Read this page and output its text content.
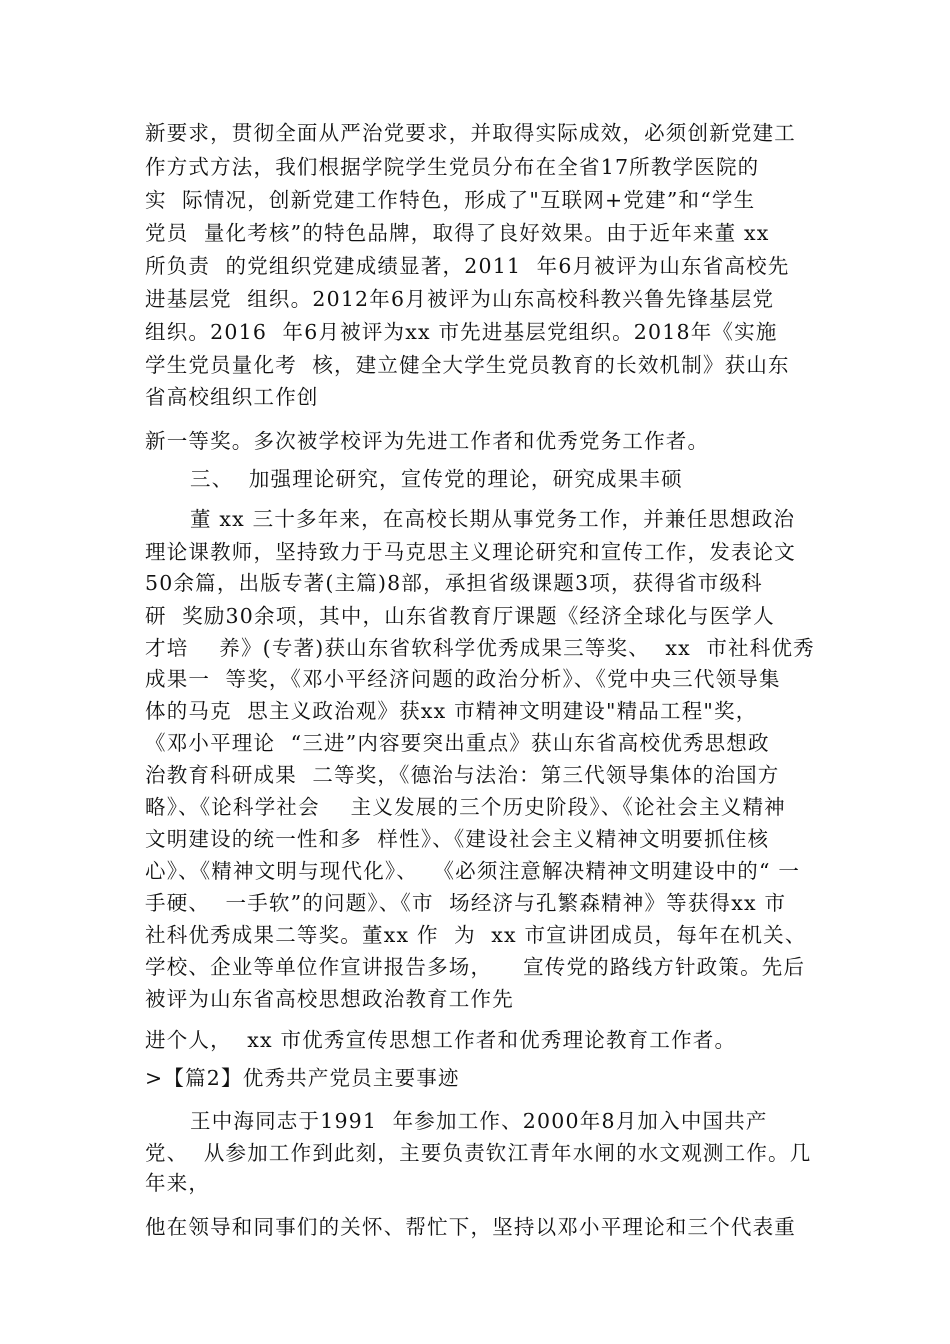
新要求，贯彻全面从严治党要求，并取得实际成效，必须创新党建工
作方式方法，我们根据学院学生党员分布在全省17所教学医院的
实  际情况，创新党建工作特色，形成了"互联网+党建”和“学生
党员  量化考核”的特色品牌，取得了良好效果。由于近年来董 xx
所负责  的党组织党建成绩显著，2011  年6月被评为山东省高校先
进基层党  组织。2012年6月被评为山东高校科教兴鲁先锋基层党
组织。2016  年6月被评为xx 市先进基层党组织。2018年《实施
学生党员量化考  核，建立健全大学生党员教育的长效机制》获山东
省高校组织工作创
新一等奖。多次被学校评为先进工作者和优秀党务工作者。
三、  加强理论研究，宣传党的理论，研究成果丰硕
董 xx 三十多年来，在高校长期从事党务工作，并兼任思想政治
理论课教师，坚持致力于马克思主义理论研究和宣传工作，发表论文
50余篇，出版专著(主篇)8部，承担省级课题3项，获得省市级科
研  奖励30余项，其中，山东省教育厅课题《经济全球化与医学人
才培    养》(专著)获山东省软科学优秀成果三等奖、  xx  市社科优秀
成果一  等奖，《邓小平经济问题的政治分析》、《党中央三代领导集
体的马克  思主义政治观》获xx 市精神文明建设"精品工程"奖，
《邓小平理论  “三进”内容要突出重点》获山东省高校优秀思想政
治教育科研成果  二等奖，《德治与法治：第三代领导集体的治国方
略》、《论科学社会    主义发展的三个历史阶段》、《论社会主义精神
文明建设的统一性和多  样性》、《建设社会主义精神文明要抓住核
心》、《精神文明与现代化》、  《必须注意解决精神文明建设中的“ 一
手硬、  一手软”的问题》、《市  场经济与孔繁森精神》等获得xx 市
社科优秀成果二等奖。董xx 作  为  xx 市宣讲团成员，每年在机关、
学校、企业等单位作宣讲报告多场，    宣传党的路线方针政策。先后
被评为山东省高校思想政治教育工作先
进个人，  xx 市优秀宣传思想工作者和优秀理论教育工作者。
>【篇2】优秀共产党员主要事迹
王中海同志于1991  年参加工作、2000年8月加入中国共产
党、  从参加工作到此刻，主要负责钦江青年水闸的水文观测工作。几
年来，
他在领导和同事们的关怀、帮忙下，坚持以邓小平理论和三个代表重
